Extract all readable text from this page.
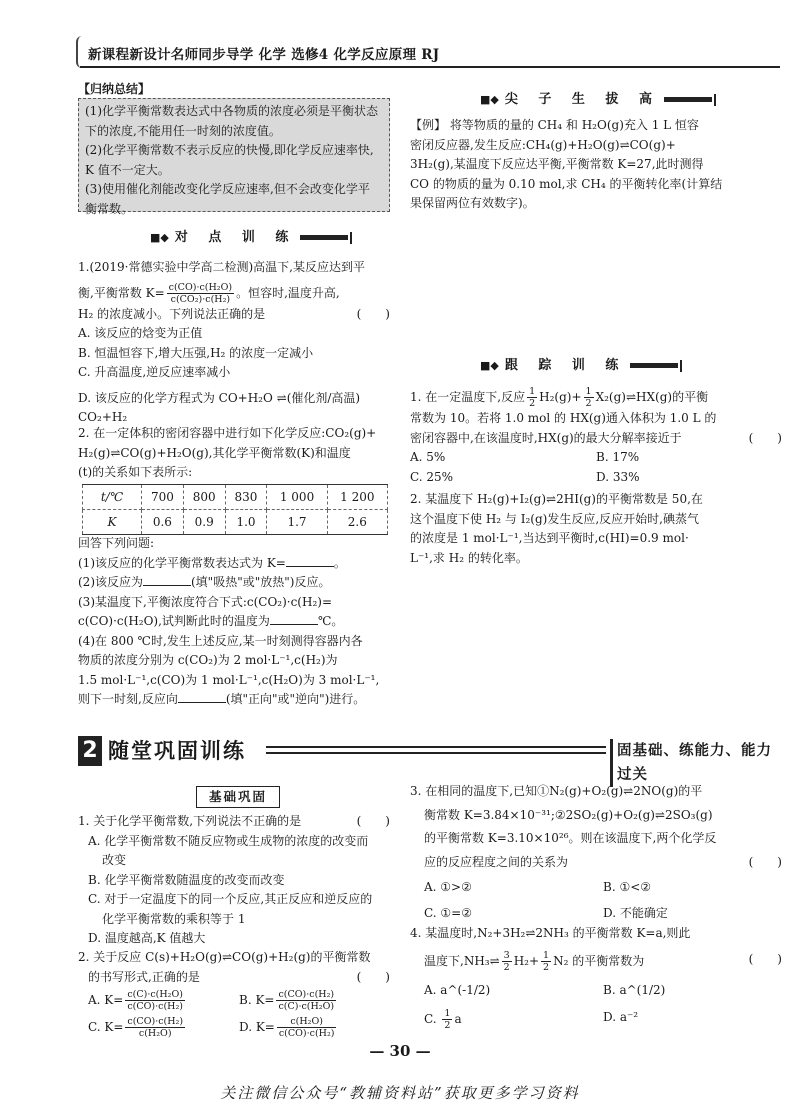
新课程新设计名师同步导学 化学 选修4 化学反应原理 RJ
【归纳总结】
(1)化学平衡常数表达式中各物质的浓度必须是平衡状态
下的浓度,不能用任一时刻的浓度值。
(2)化学平衡常数不表示反应的快慢,即化学反应速率快,
K 值不一定大。
(3)使用催化剂能改变化学反应速率,但不会改变化学平
衡常数。
■◆ 对 点 训 练

1.(2019·常德实验中学高二检测)高温下,某反应达到平

衡,平衡常数 $K= \frac{\text{c(CO)·c(H₂O)}}{\text{c(CO₂)·c(H₂)}}$ 。恒容时,温度升高,

H₂ 的浓度减小。下列说法正确的是	(　　)

A. 该反应的焓变为正值

B. 恒温恒容下,增大压强,H₂ 的浓度一定减小

C. 升高温度,逆反应速率减小

D. 该反应的化学方程式为 CO+H₂O ⇌(催化剂/高温) CO₂+H₂

2. 在一定体积的密闭容器中进行如下化学反应:CO₂(g)+

H₂(g)⇌CO(g)+H₂O(g),其化学平衡常数(K)和温度

(t)的关系如下表所示:

t/℃	700	800	830	1 000	1 200
K	0.6	0.9	1.0	1.7	2.6

回答下列问题:

(1)该反应的化学平衡常数表达式为 K=	。

(2)该反应为	(填"吸热"或"放热")反应。

(3)某温度下,平衡浓度符合下式:c(CO₂)·c(H₂)=

c(CO)·c(H₂O),试判断此时的温度为	℃。

(4)在 800 ℃时,发生上述反应,某一时刻测得容器内各

物质的浓度分别为 c(CO₂)为 2 mol·L⁻¹,c(H₂)为

1.5 mol·L⁻¹,c(CO)为 1 mol·L⁻¹,c(H₂O)为 3 mol·L⁻¹,

则下一时刻,反应向	(填"正向"或"逆向")进行。

■◆ 尖 子 生 拔 高

【例】 将等物质的量的 CH₄ 和 H₂O(g)充入 1 L 恒容

密闭反应器,发生反应:CH₄(g)+H₂O(g)⇌CO(g)+

3H₂(g),某温度下反应达平衡,平衡常数 K=27,此时测得

CO 的物质的量为 0.10 mol,求 CH₄ 的平衡转化率(计算结

果保留两位有效数字)。

■◆ 跟 踪 训 练

1. 在一定温度下,反应 $\frac{1}{2} H_2(g)+ \frac{1}{2}$ X₂(g)⇌HX(g)的平衡

常数为 10。若将 1.0 mol 的 HX(g)通入体积为 1.0 L 的

密闭容器中,在该温度时,HX(g)的最大分解率接近于	(　　)

A. 5%	B. 17%
C. 25%	D. 33%

2. 某温度下 H₂(g)+I₂(g)⇌2HI(g)的平衡常数是 50,在

这个温度下使 H₂ 与 I₂(g)发生反应,反应开始时,碘蒸气

的浓度是 1 mol·L⁻¹,当达到平衡时,c(HI)=0.9 mol·

L⁻¹,求 H₂ 的转化率。

2 随堂巩固训练	固基础、练能力、能力过关
基础巩固

1. 关于化学平衡常数,下列说法不正确的是	(　　)

A. 化学平衡常数不随反应物或生成物的浓度的改变而

改变

B. 化学平衡常数随温度的改变而改变

C. 对于一定温度下的同一个反应,其正反应和逆反应的

化学平衡常数的乘积等于 1

D. 温度越高,K 值越大

2. 关于反应 C(s)+H₂O(g)⇌CO(g)+H₂(g)的平衡常数

的书写形式,正确的是	(　　)

A. $K= \frac{\text{c(C)·c(H₂O)}}{\text{c(CO)·c(H₂)}}$	B. $K= \frac{\text{c(CO)·c(H₂)}}{\text{c(C)·c(H₂O)}}$
C. $K= \frac{\text{c(CO)·c(H₂)}}{\text{c(H₂O)}}$	D. $K= \frac{\text{c(H₂O)}}{\text{c(CO)·c(H₂)}}$

3. 在相同的温度下,已知①N₂(g)+O₂(g)⇌2NO(g)的平

衡常数 K=3.84×10⁻³¹;②2SO₂(g)+O₂(g)⇌2SO₃(g)

的平衡常数 K=3.10×10²⁶。则在该温度下,两个化学反

应的反应程度之间的关系为	(　　)

A. ①>②	B. ①<②
C. ①=②	D. 不能确定

4. 某温度时,N₂+3H₂⇌2NH₃ 的平衡常数 K=a,则此

温度下,NH₃⇌ $\frac{3}{2} H_2+ \frac{1}{2} N_2$ 的平衡常数为	(　　)

A. a^(-1/2)	B. a^(1/2)
C. $\frac{1}{2}$ a	D. a⁻²
— 30 —
关注微信公众号“教辅资料站”获取更多学习资料
